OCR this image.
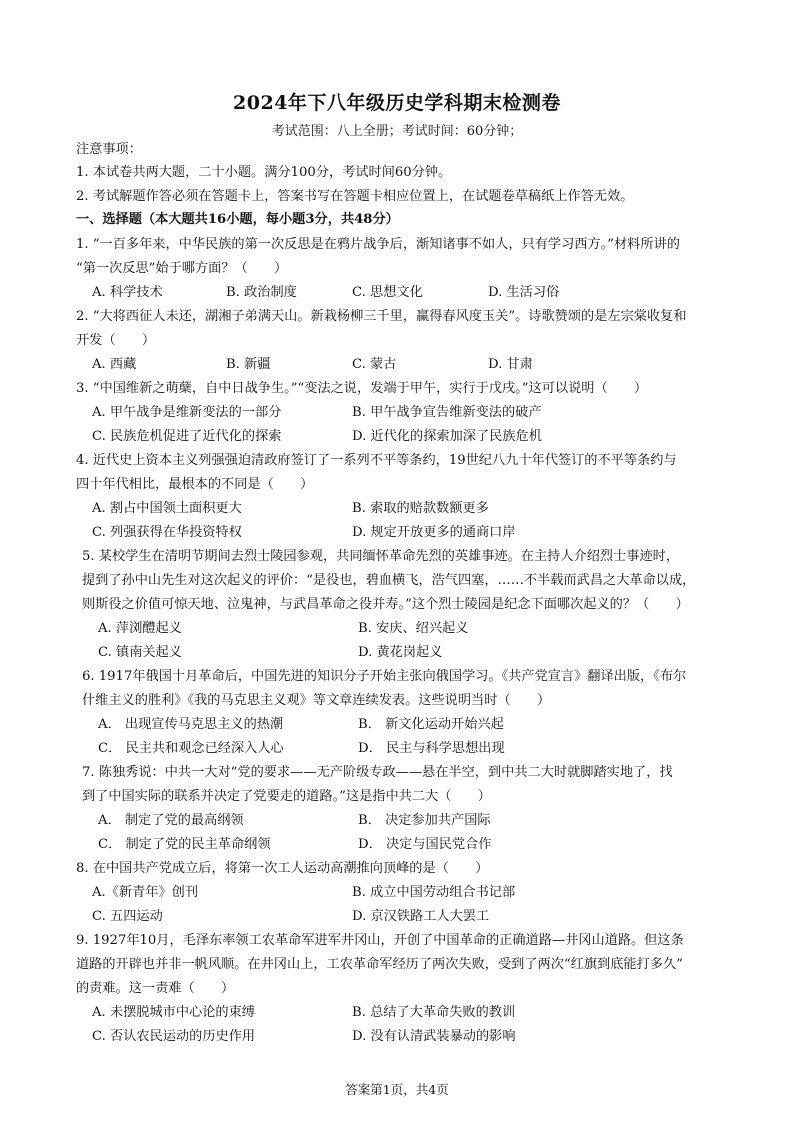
2024年下八年级历史学科期末检测卷
考试范围：八上全册；考试时间：60分钟；
注意事项：
1. 本试卷共两大题，二十小题。满分100分，考试时间60分钟。
2. 考试解题作答必须在答题卡上，答案书写在答题卡相应位置上，在试题卷草稿纸上作答无效。
一、选择题（本大题共16小题，每小题3分，共48分）
1. “一百多年来，中华民族的第一次反思是在鸦片战争后，渐知诸事不如人，只有学习西方。”材料所讲的
“第一次反思”始于哪方面？（　　）
A. 科学技术	B. 政治制度	C. 思想文化	D. 生活习俗
2. “大将西征人未还，湖湘子弟满天山。新栽杨柳三千里，赢得春风度玉关”。诗歌赞颂的是左宗棠收复和
开发（　　）
A. 西藏	B. 新疆	C. 蒙古	D. 甘肃
3. “中国维新之萌蘖，自中日战争生。”“变法之说，发端于甲午，实行于戊戌。”这可以说明（　　）
A. 甲午战争是维新变法的一部分	B. 甲午战争宣告维新变法的破产
C. 民族危机促进了近代化的探索	D. 近代化的探索加深了民族危机
4. 近代史上资本主义列强强迫清政府签订了一系列不平等条约，19世纪八九十年代签订的不平等条约与
四十年代相比，最根本的不同是（　　）
A. 割占中国领土面积更大	B. 索取的赔款数额更多
C. 列强获得在华投资特权	D. 规定开放更多的通商口岸
5. 某校学生在清明节期间去烈士陵园参观，共同缅怀革命先烈的英雄事迹。在主持人介绍烈士事迹时，
提到了孙中山先生对这次起义的评价：“是役也，碧血横飞，浩气四塞，……不半载而武昌之大革命以成，
则斯役之价值可惊天地、泣鬼神，与武昌革命之役并寿。”这个烈士陵园是纪念下面哪次起义的？（　　）
A. 萍浏醴起义	B. 安庆、绍兴起义
C. 镇南关起义	D. 黄花岗起义
6. 1917年俄国十月革命后，中国先进的知识分子开始主张向俄国学习。《共产党宣言》翻译出版，《布尔
什维主义的胜利》《我的马克思主义观》等文章连续发表。这些说明当时（　　）
A． 出现宣传马克思主义的热潮	B． 新文化运动开始兴起
C． 民主共和观念已经深入人心	D． 民主与科学思想出现
7. 陈独秀说：中共一大对“党的要求——无产阶级专政——悬在半空，到中共二大时就脚踏实地了，找
到了中国实际的联系并决定了党要走的道路。”这是指中共二大（　　）
A． 制定了党的最高纲领	B． 决定参加共产国际
C． 制定了党的民主革命纲领	D． 决定与国民党合作
8. 在中国共产党成立后，将第一次工人运动高潮推向顶峰的是（　　）
A.《新青年》创刊	B. 成立中国劳动组合书记部
C. 五四运动	D. 京汉铁路工人大罢工
9. 1927年10月，毛泽东率领工农革命军进军井冈山，开创了中国革命的正确道路—井冈山道路。但这条
道路的开辟也并非一帆风顺。在井冈山上，工农革命军经历了两次失败，受到了两次“红旗到底能打多久”
的责难。这一责难（　　）
A. 未摆脱城市中心论的束缚	B. 总结了大革命失败的教训
C. 否认农民运动的历史作用	D. 没有认清武装暴动的影响
答案第1页，共4页
